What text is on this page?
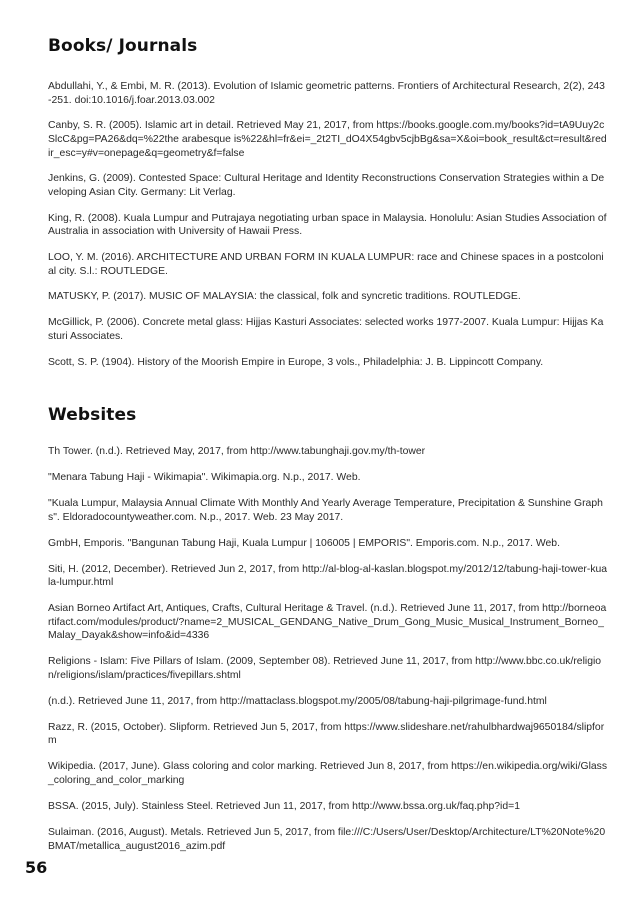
Books/ Journals
Abdullahi, Y., & Embi, M. R. (2013). Evolution of Islamic geometric patterns. Frontiers of Architectural Research, 2(2), 243-251. doi:10.1016/j.foar.2013.03.002
Canby, S. R. (2005). Islamic art in detail. Retrieved May 21, 2017, from https://books.google.com.my/books?id=tA9Uuy2cSlcC&pg=PA26&dq=%22the arabesque is%22&hl=fr&ei=_2t2TI_dO4X54gbv5cjbBg&sa=X&oi=book_result&ct=result&redir_esc=y#v=onepage&q=geometry&f=false
Jenkins, G. (2009). Contested Space: Cultural Heritage and Identity Reconstructions Conservation Strategies within a Developing Asian City. Germany: Lit Verlag.
King, R. (2008). Kuala Lumpur and Putrajaya negotiating urban space in Malaysia. Honolulu: Asian Studies Association of Australia in association with University of Hawaii Press.
LOO, Y. M. (2016). ARCHITECTURE AND URBAN FORM IN KUALA LUMPUR: race and Chinese spaces in a postcolonial city. S.l.: ROUTLEDGE.
MATUSKY, P. (2017). MUSIC OF MALAYSIA: the classical, folk and syncretic traditions. ROUTLEDGE.
McGillick, P. (2006). Concrete metal glass: Hijjas Kasturi Associates: selected works 1977-2007. Kuala Lumpur: Hijjas Kasturi Associates.
Scott, S. P. (1904). History of the Moorish Empire in Europe, 3 vols., Philadelphia: J. B. Lippincott Company.
Websites
Th Tower. (n.d.). Retrieved May, 2017, from http://www.tabunghaji.gov.my/th-tower
"Menara Tabung Haji - Wikimapia". Wikimapia.org. N.p., 2017. Web.
"Kuala Lumpur, Malaysia Annual Climate With Monthly And Yearly Average Temperature, Precipitation & Sunshine Graphs". Eldoradocountyweather.com. N.p., 2017. Web. 23 May 2017.
GmbH, Emporis. "Bangunan Tabung Haji, Kuala Lumpur | 106005 | EMPORIS". Emporis.com. N.p., 2017. Web.
Siti, H. (2012, December). Retrieved Jun 2, 2017, from http://al-blog-al-kaslan.blogspot.my/2012/12/tabung-haji-tower-kuala-lumpur.html
Asian Borneo Artifact Art, Antiques, Crafts, Cultural Heritage & Travel. (n.d.). Retrieved June 11, 2017, from http://borneoartifact.com/modules/product/?name=2_MUSICAL_GENDANG_Native_Drum_Gong_Music_Musical_Instrument_Borneo_Malay_Dayak&show=info&id=4336
Religions - Islam: Five Pillars of Islam. (2009, September 08). Retrieved June 11, 2017, from http://www.bbc.co.uk/religion/religions/islam/practices/fivepillars.shtml
(n.d.). Retrieved June 11, 2017, from http://mattaclass.blogspot.my/2005/08/tabung-haji-pilgrimage-fund.html
Razz, R. (2015, October). Slipform. Retrieved Jun 5, 2017, from https://www.slideshare.net/rahulbhardwaj9650184/slipform
Wikipedia. (2017, June). Glass coloring and color marking. Retrieved Jun 8, 2017, from https://en.wikipedia.org/wiki/Glass_coloring_and_color_marking
BSSA. (2015, July). Stainless Steel. Retrieved Jun 11, 2017, from http://www.bssa.org.uk/faq.php?id=1
Sulaiman. (2016, August). Metals. Retrieved Jun 5, 2017, from file:///C:/Users/User/Desktop/Architecture/LT%20Note%20BMAT/metallica_august2016_azim.pdf
56
